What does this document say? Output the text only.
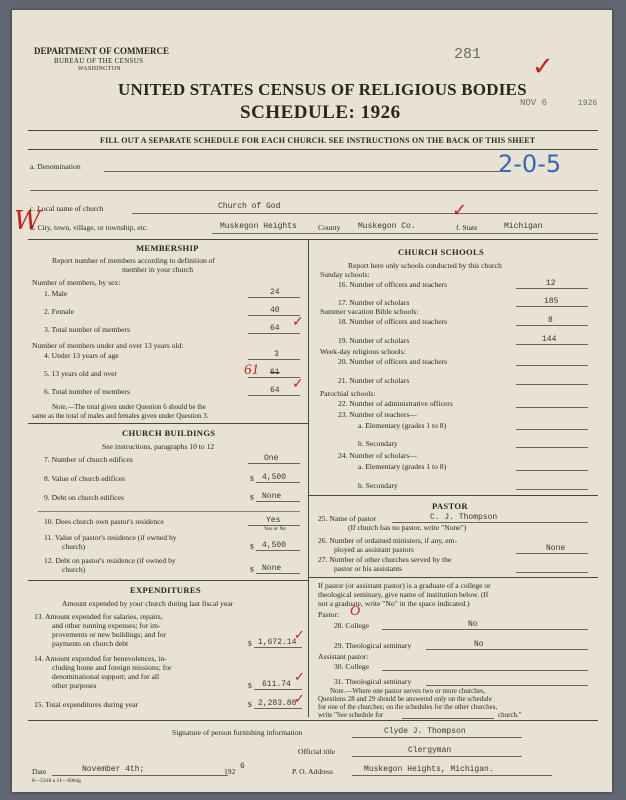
DEPARTMENT OF COMMERCE
BUREAU OF THE CENSUS
WASHINGTON
281 ✓
NOV 6	1926
UNITED STATES CENSUS OF RELIGIOUS BODIES
SCHEDULE: 1926
FILL OUT A SEPARATE SCHEDULE FOR EACH CHURCH. SEE INSTRUCTIONS ON THE BACK OF THIS SHEET
2-0-5
a. Denomination
c. Local name of church	Church of God
W
d. City, town, village, or township, etc.	Muskegon Heights	County Muskegon Co.
✓
f. State	Michigan
MEMBERSHIP
Report number of members according to definition of
member in your church
Number of members, by sex:
1. Male	24
2. Female	40
3. Total number of members	64 ✓
Number of members under and over 13 years old:
4. Under 13 years of age	3
5. 13 years old and over	61
61
6. Total number of members	64 ✓
Note.—The total given under Question 6 should be the
same as the total of males and females given under Question 3.
CHURCH BUILDINGS
See instructions, paragraphs 10 to 12
7. Number of church edifices	One
8. Value of church edifices	$ 4,500
9. Debt on church edifices	$ None
10. Does church own pastor's residence	Yes
Yes or No
11. Value of pastor's residence (if owned by
church)	$ 4,500
12. Debt on pastor's residence (if owned by
church)	$ None
EXPENDITURES
Amount expended by your church during last fiscal year
13. Amount expended for salaries, repairs,
and other running expenses; for im-
provements or new buildings; and for
payments on church debt	$ 1,672.14
✓
14. Amount expended for benevolences, in-
cluding home and foreign missions; for
denominational support; and for all
other purposes	$ 611.74 ✓
15. Total expenditures during year	$ 2,283.88
✓
CHURCH SCHOOLS
Report here only schools conducted by this church
Sunday schools:
16. Number of officers and teachers	12
17. Number of scholars	185
Summer vacation Bible schools:
18. Number of officers and teachers	8
19. Number of scholars	144
Week-day religious schools:
20. Number of officers and teachers
21. Number of scholars
Parochial schools:
22. Number of administrative officers
23. Number of teachers—
a. Elementary (grades 1 to 8)
b. Secondary
24. Number of scholars—
a. Elementary (grades 1 to 8)
b. Secondary
PASTOR
25. Name of pastor	C. J. Thompson
(If church has no pastor, write "None")
26. Number of ordained ministers, if any, em-
ployed as assistant pastors	None
27. Number of other churches served by the
pastor or his assistants
If pastor (or assistant pastor) is a graduate of a college or
theological seminary, give name of institution below. (If
not a graduate, write "No" in the space indicated.)
Pastor: O
28. College	No
29. Theological seminary	No
Assistant pastor:
30. College
31. Theological seminary
Note.—Where one pastor serves two or more churches,
Questions 28 and 29 should be answered only on the schedule
for one of the churches; on the schedules for the other churches,
write "See schedule for	church."
Signature of person furnishing information	Clyde J. Thompson
Official title	Clergyman
Date	November 4th;	192
6
P. O. Address	Muskegon Heights, Michigan.
8—5318 a 11—9064g
